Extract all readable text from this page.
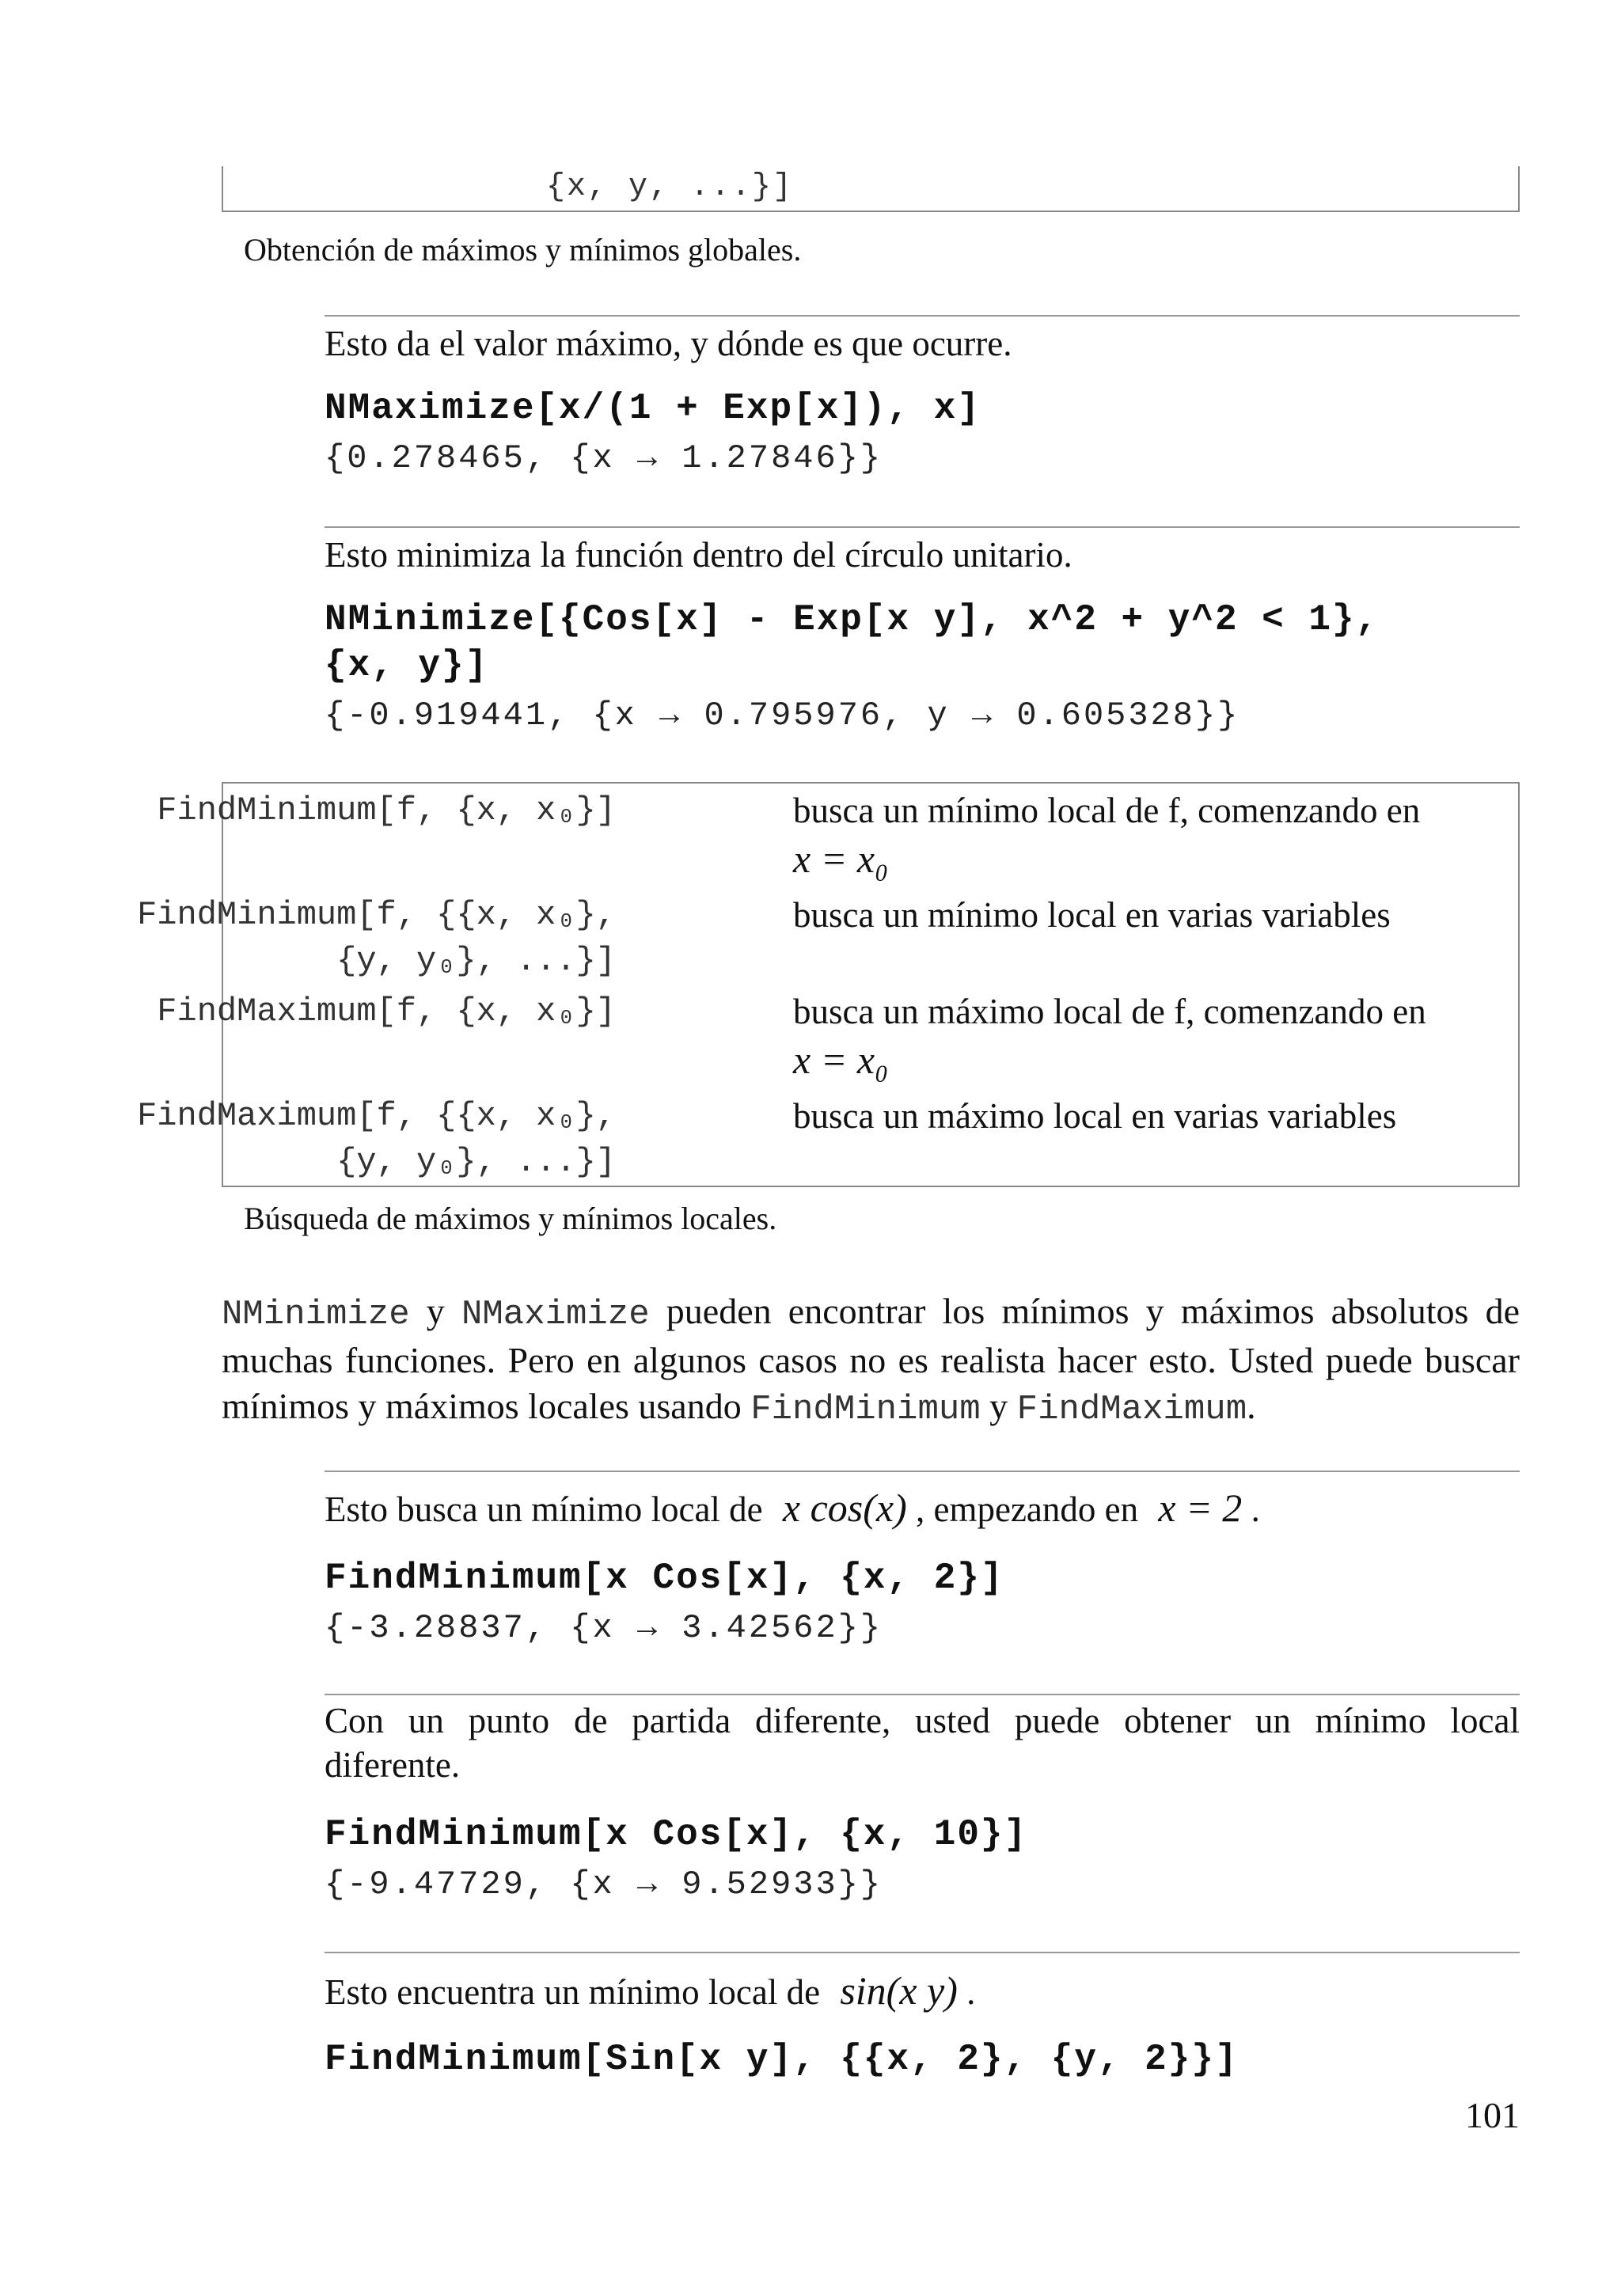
{x, y, ...}]
Obtención de máximos y mínimos globales.
Esto da el valor máximo, y dónde es que ocurre.
NMaximize[x/(1 + Exp[x]), x]
{0.278465, {x → 1.27846}}
Esto minimiza la función dentro del círculo unitario.
NMinimize[{Cos[x] - Exp[x y], x^2 + y^2 < 1},
{x, y}]
{-0.919441, {x → 0.795976, y → 0.605328}}
FindMinimum[f, {x, x₀}]	busca un mínimo local de f, comenzando en
x = x₀
FindMinimum[f, {{x, x₀},
{y, y₀}, ...}]
busca un mínimo local en varias variables
FindMaximum[f, {x, x₀}]	busca un máximo local de f, comenzando en
x = x₀
FindMaximum[f, {{x, x₀},
{y, y₀}, ...}]
busca un máximo local en varias variables
Búsqueda de máximos y mínimos locales.
NMinimize y NMaximize pueden encontrar los mínimos y máximos absolutos de muchas funciones. Pero en algunos casos no es realista hacer esto. Usted puede buscar mínimos y máximos locales usando FindMinimum y FindMaximum.
Esto busca un mínimo local de x cos(x) , empezando en x = 2 .
FindMinimum[x Cos[x], {x, 2}]
{-3.28837, {x → 3.42562}}
Con un punto de partida diferente, usted puede obtener un mínimo local
diferente.
FindMinimum[x Cos[x], {x, 10}]
{-9.47729, {x → 9.52933}}
Esto encuentra un mínimo local de sin(x y) .
FindMinimum[Sin[x y], {{x, 2}, {y, 2}}]
101
